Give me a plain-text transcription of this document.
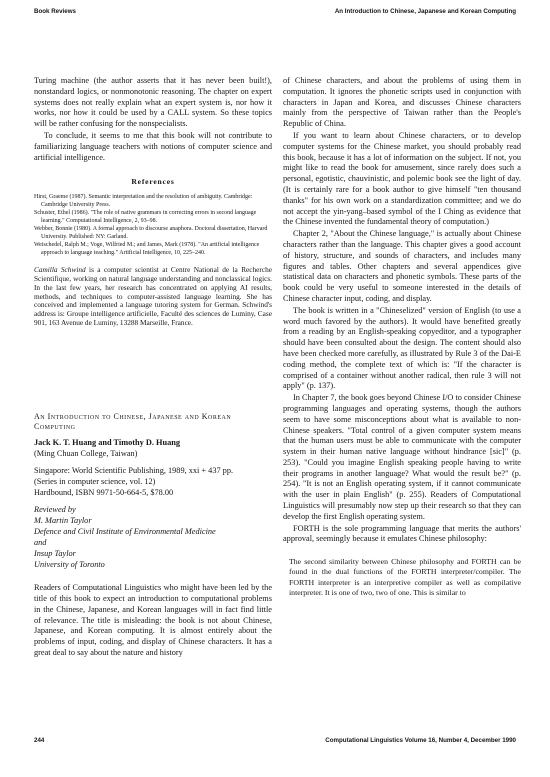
Book Reviews	An Introduction to Chinese, Japanese and Korean Computing

Turing machine (the author asserts that it has never been built!), nonstandard logics, or nonmonotonic reasoning. The chapter on expert systems does not really explain what an expert system is, nor how it works, nor how it could be used by a CALL system. So these topics will be rather confusing for the nonspecialists.

To conclude, it seems to me that this book will not contribute to familiarizing language teachers with notions of computer science and artificial intelligence.

References

Hirst, Graeme (1987). Semantic interpretation and the resolution of ambiguity. Cambridge: Cambridge University Press.

Schuster, Ethel (1986). "The role of native grammars in correcting errors in second language learning." Computational Intelligence, 2, 93–98.

Webber, Bonnie (1980). A formal approach to discourse anaphora. Doctoral dissertation, Harvard University. Published: NY: Garland.

Weischedel, Ralph M.; Voge, Wilfried M.; and James, Mark (1978). "An artificial intelligence approach to language teaching." Artificial Intelligence, 10, 225–240.

Camilla Schwind is a computer scientist at Centre National de la Recherche Scientifique, working on natural language understanding and nonclassical logics. In the last few years, her research has concentrated on applying AI results, methods, and techniques to computer-assisted language learning. She has conceived and implemented a language tutoring system for German. Schwind's address is: Groupe intelligence artificielle, Faculté des sciences de Luminy, Case 901, 163 Avenue de Luminy, 13288 Marseille, France.

An Introduction to Chinese, Japanese and Korean Computing

Jack K. T. Huang and Timothy D. Huang

(Ming Chuan College, Taiwan)

Singapore: World Scientific Publishing, 1989, xxi + 437 pp.

(Series in computer science, vol. 12)

Hardbound, ISBN 9971-50-664-5, $78.00

Reviewed by

M. Martin Taylor

Defence and Civil Institute of Environmental Medicine

and

Insup Taylor

University of Toronto

Readers of Computational Linguistics who might have been led by the title of this book to expect an introduction to computational problems in the Chinese, Japanese, and Korean languages will in fact find little of relevance. The title is misleading: the book is not about Chinese, Japanese, and Korean computing. It is almost entirely about the problems of input, coding, and display of Chinese characters. It has a great deal to say about the nature and history

of Chinese characters, and about the problems of using them in computation. It ignores the phonetic scripts used in conjunction with characters in Japan and Korea, and discusses Chinese characters mainly from the perspective of Taiwan rather than the People's Republic of China.

If you want to learn about Chinese characters, or to develop computer systems for the Chinese market, you should probably read this book, because it has a lot of information on the subject. If not, you might like to read the book for amusement, since rarely does such a personal, egotistic, chauvinistic, and polemic book see the light of day. (It is certainly rare for a book author to give himself "ten thousand thanks" for his own work on a standardization committee; and we do not accept the yin-yang–based symbol of the I Ching as evidence that the Chinese invented the fundamental theory of computation.)

Chapter 2, "About the Chinese language," is actually about Chinese characters rather than the language. This chapter gives a good account of history, structure, and sounds of characters, and includes many figures and tables. Other chapters and several appendices give statistical data on characters and phonetic symbols. These parts of the book could be very useful to someone interested in the details of Chinese character input, coding, and display.

The book is written in a "Chineselized" version of English (to use a word much favored by the authors). It would have benefited greatly from a reading by an English-speaking copyeditor, and a typographer should have been consulted about the design. The content should also have been checked more carefully, as illustrated by Rule 3 of the Dai-E coding method, the complete text of which is: "If the character is comprised of a container without another radical, then rule 3 will not apply" (p. 137).

In Chapter 7, the book goes beyond Chinese I/O to consider Chinese programming languages and operating systems, though the authors seem to have some misconceptions about what is available to non-Chinese speakers. "Total control of a given computer system means that the human users must be able to communicate with the computer system in their human native language without hindrance [sic]" (p. 253). "Could you imagine English speaking people having to write their programs in another language? What would the result be?" (p. 254). "It is not an English operating system, if it cannot communicate with the user in plain English" (p. 255). Readers of Computational Linguistics will presumably now step up their research so that they can develop the first English operating system.

FORTH is the sole programming language that merits the authors' approval, seemingly because it emulates Chinese philosophy:

The second similarity between Chinese philosophy and FORTH can be found in the dual functions of the FORTH interpreter/compiler. The FORTH interpreter is an interpretive compiler as well as compilative interpreter. It is one of two, two of one. This is similar to

244	Computational Linguistics Volume 16, Number 4, December 1990
